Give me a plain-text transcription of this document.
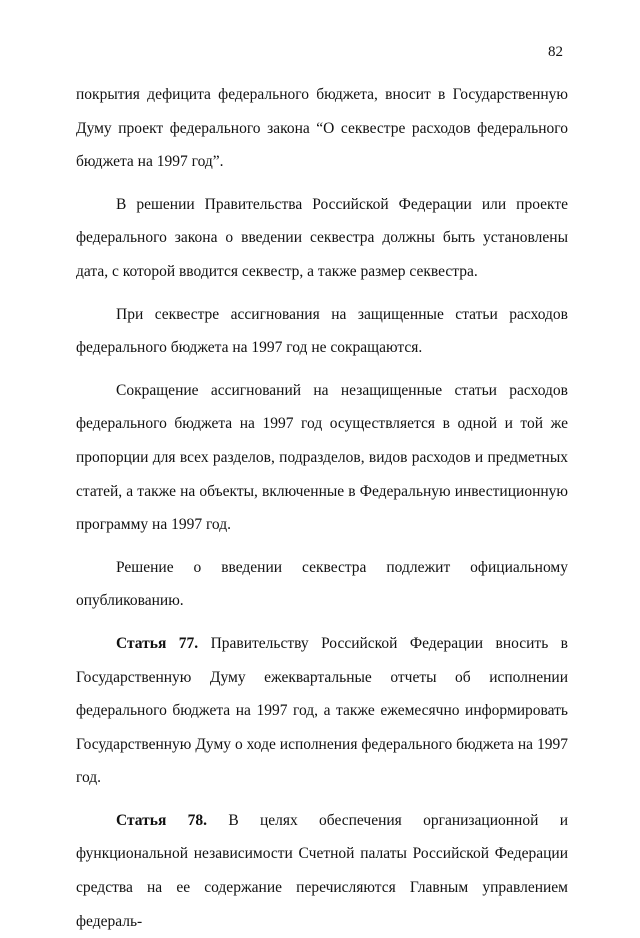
82

покрытия дефицита федерального бюджета, вносит в Государственную Думу проект федерального закона “О секвестре расходов федерального бюджета на 1997 год”.

В решении Правительства Российской Федерации или проекте федерального закона о введении секвестра должны быть установлены дата, с которой вводится секвестр, а также размер секвестра.

При секвестре ассигнования на защищенные статьи расходов федерального бюджета на 1997 год не сокращаются.

Сокращение ассигнований на незащищенные статьи расходов федерального бюджета на 1997 год осуществляется в одной и той же пропорции для всех разделов, подразделов, видов расходов и предметных статей, а также на объекты, включенные в Федеральную инвестиционную программу на 1997 год.

Решение о введении секвестра подлежит официальному опубликованию.

Статья 77. Правительству Российской Федерации вносить в Государственную Думу ежеквартальные отчеты об исполнении федерального бюджета на 1997 год, а также ежемесячно информировать Государственную Думу о ходе исполнения федерального бюджета на 1997 год.

Статья 78. В целях обеспечения организационной и функциональной независимости Счетной палаты Российской Федерации средства на ее содержание перечисляются Главным управлением федераль-
